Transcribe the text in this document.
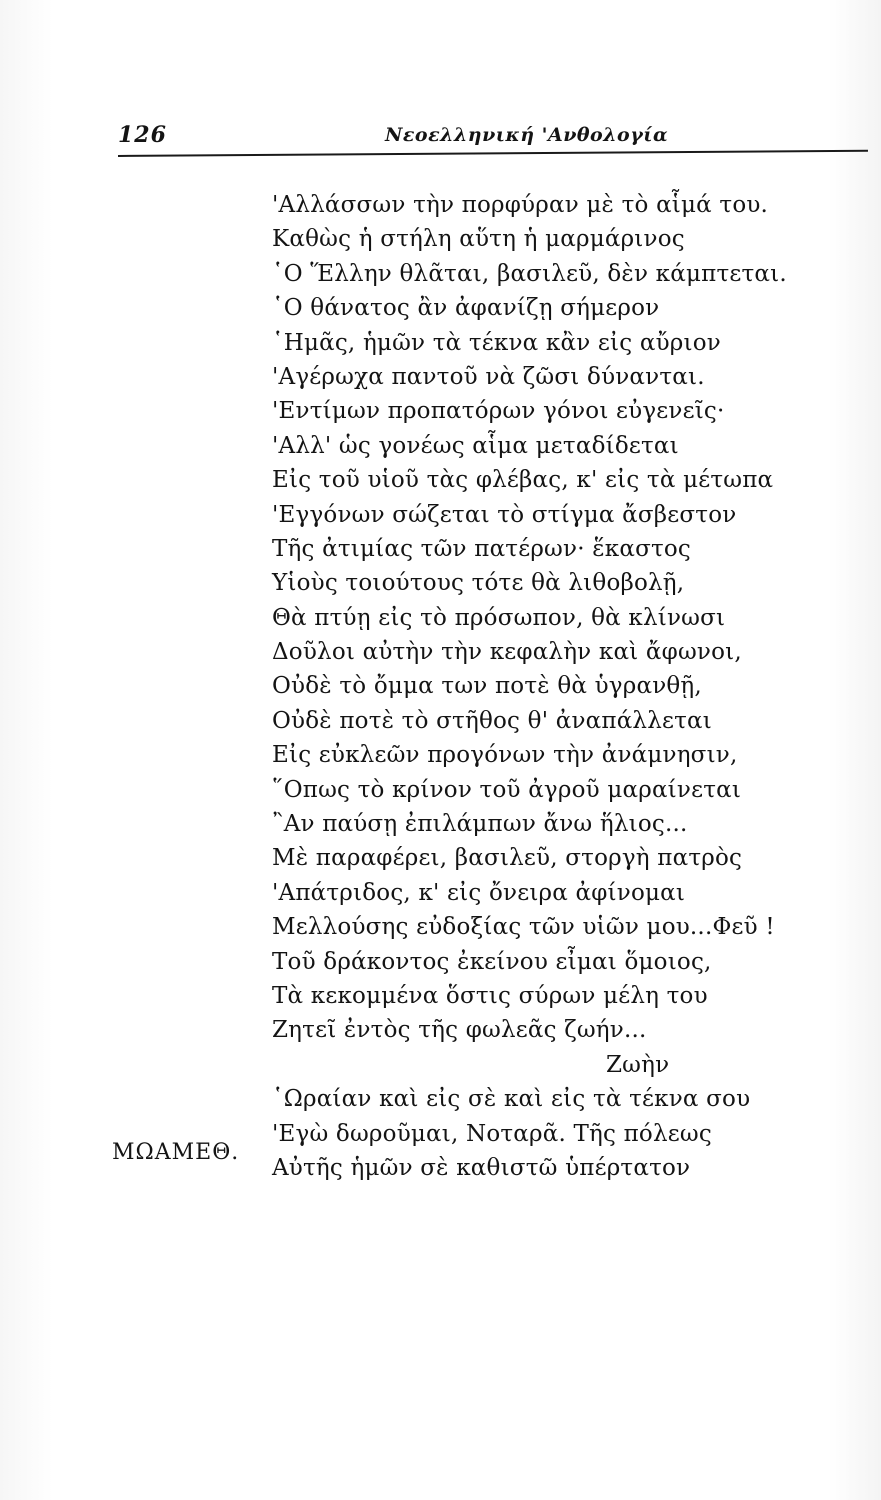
126	Νεοελληνική 'Ανθολογία
ΜΩΑΜΕΘ.
'Αλλάσσων τὴν πορφύραν μὲ τὸ αἷμά του.
Καθὼς ἡ στήλη αὕτη ἡ μαρμάρινος
῾Ο Ἕλλην θλᾶται, βασιλεῦ, δὲν κάμπτεται.
῾Ο θάνατος ἂν ἀφανίζῃ σήμερον
῾Ημᾶς, ἡμῶν τὰ τέκνα κἂν εἰς αὔριον
'Αγέρωχα παντοῦ νὰ ζῶσι δύνανται.
'Εντίμων προπατόρων γόνοι εὐγενεῖς·
'Αλλ' ὡς γονέως αἷμα μεταδίδεται
Εἰς τοῦ υἱοῦ τὰς φλέβας, κ' εἰς τὰ μέτωπα
'Εγγόνων σώζεται τὸ στίγμα ἄσβεστον
Τῆς ἀτιμίας τῶν πατέρων· ἕκαστος
Υἱοὺς τοιούτους τότε θὰ λιθοβολῇ,
Θὰ πτύῃ εἰς τὸ πρόσωπον, θὰ κλίνωσι
Δοῦλοι αὐτὴν τὴν κεφαλὴν καὶ ἄφωνοι,
Οὐδὲ τὸ ὄμμα των ποτὲ θὰ ὑγρανθῇ,
Οὐδὲ ποτὲ τὸ στῆθος θ' ἀναπάλλεται
Εἰς εὐκλεῶν προγόνων τὴν ἀνάμνησιν,
῞Οπως τὸ κρίνον τοῦ ἀγροῦ μαραίνεται
῍Αν παύσῃ ἐπιλάμπων ἄνω ἥλιος...
Μὲ παραφέρει, βασιλεῦ, στοργὴ πατρὸς
'Απάτριδος, κ' εἰς ὄνειρα ἀφίνομαι
Μελλούσης εὐδοξίας τῶν υἱῶν μου...Φεῦ !
Τοῦ δράκοντος ἐκείνου εἶμαι ὅμοιος,
Τὰ κεκομμένα ὅστις σύρων μέλη του
Ζητεῖ ἐντὸς τῆς φωλεᾶς ζωήν...
Ζωὴν
῾Ωραίαν καὶ εἰς σὲ καὶ εἰς τὰ τέκνα σου
'Εγὼ δωροῦμαι, Νοταρᾶ. Τῆς πόλεως
Αὐτῆς ἡμῶν σὲ καθιστῶ ὑπέρτατον
